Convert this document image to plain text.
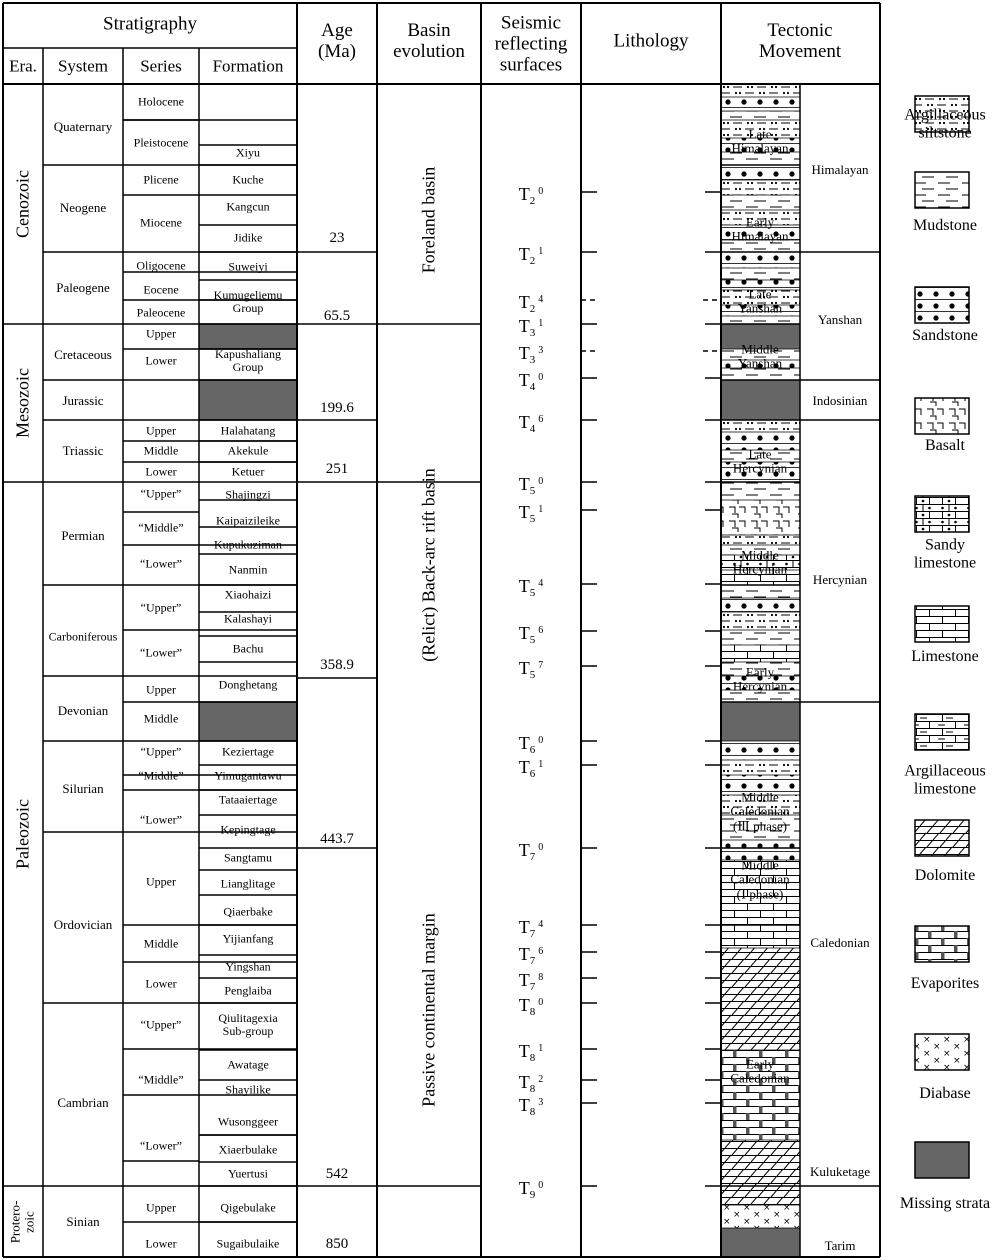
Stratigraphy
Era. System Series Formation
Age
(Ma)
Basin
evolution
Seismic
reflecting
surfaces
Lithology	Tectonic
Movement
Cenozoic
Mesozoic
Paleozoic
Protero-
zoic
Quaternary
Neogene
Paleogene
Cretaceous
Jurassic
Triassic
Permian
Carboniferous
Devonian
Silurian
Ordovician
Cambrian
Sinian
Holocene
Pleistocene
Plicene
Miocene
Oligocene
Eocene
Paleocene
Upper
Lower
Upper
Middle
Lower
“Upper”
“Middle”
“Lower”
“Upper”
“Lower”
Upper
Middle
“Upper”
“Middle”
“Lower”
Upper
Middle
Lower
“Upper”
“Middle”
“Lower”
Upper
Lower
Xiyu
Kuche
Kangcun
Jidike
Suweiyi
Kumugeliemu
Group
Kapushaliang
Group
Halahatang
Akekule
Ketuer
Shajingzi
Kaipaizileike
Kupukuziman
Nanmin
Xiaohaizi
Kalashayi
Bachu
Donghetang
Keziertage
Yimugantawu
Tataaiertage
Kepingtage
Sangtamu
Lianglitage
Qiaerbake
Yijianfang
Yingshan
Penglaiba
Qiulitagexia
Sub-group
Awatage
Shayilike
Wusonggeer
Xiaerbulake
Yuertusi
Qigebulake
Sugaibulaike
23
65.5
199.6
251
358.9
443.7
542
850
Foreland basin
(Relict) Back-arc rift basin
Passive continental margin
$T_2^0$
$T_2^1$
$T_2^4$
$T_3^1$
$T_3^3$
$T_4^0$
$T_4^6$
$T_5^0$
$T_5^1$
$T_5^4$
$T_5^6$
$T_5^7$
$T_6^0$
$T_6^1$
$T_7^0$
$T_7^4$
$T_7^6$
$T_7^8$
$T_8^0$
$T_8^1$
$T_8^2$
$T_8^3$
$T_9^0$
Late
Himalayan
Early
Himalayan
Late
Yanshan
Middle
Yanshan
Late
Hercynian
Middle
Hercynian
Early
Hercynian
Middle
Caledonian
(Ⅲ phase)
Middle
Caledonian
(Ⅰ phase)
Early
Caledonian
Himalayan
Yanshan
Indosinian
Hercynian
Caledonian
Kuluketage
Tarim
Argillaceous
siltstone
Mudstone
Sandstone
Basalt
Sandy
limestone
Limestone
Argillaceous
limestone
Dolomite
Evaporites
Diabase
Missing strata
